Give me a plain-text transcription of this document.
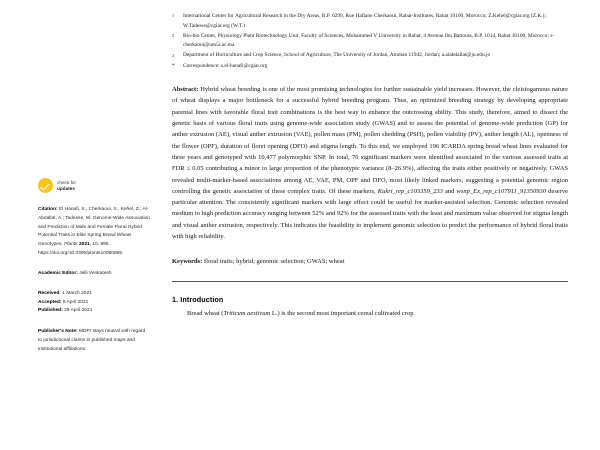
check for
updates
Citation: El Hanafi, S.; Cherkaoui, S.; Kehel, Z.; Al-Abdallat, A.; Tadesse, W. Genome-Wide Association and Prediction of Male and Female Floral Hybrid Potential Traits in Elite Spring Bread Wheat Genotypes. Plants 2021, 10, 895. https://doi.org/10.3390/plants10050895
Academic Editor: Jelli Venkatesh
Received: 1 March 2021
Accepted: 9 April 2021
Published: 29 April 2021
Publisher's Note: MDPI stays neutral with regard to jurisdictional claims in published maps and institutional affiliations.
1	International Center for Agricultural Research in the Dry Areas, B.P. 6299, Rue Hafiane Cherkaoui, Rabat-Institutes, Rabat 10100, Morocco; Z.Kehel@cgiar.org (Z.K.); W.Tadesse@cgiar.org (W.T.)
2	Bio-bio Center, Physiology Plant Biotechnology Unit, Faculty of Sciences, Mohammed V University in Rabat, 4 Avenue Ibn Battouta, B.P. 1014, Rabat 10100, Morocco; s-cherkaoui@um5r.ac.ma
3	Department of Horticulture and Crop Science, School of Agriculture, The University of Jordan, Amman 11942, Jordan; a.alabdallat@ju.edu.jo
*	Correspondence: s.el-hanafi@cgiar.org
Abstract: Hybrid wheat breeding is one of the most promising technologies for further sustainable yield increases. However, the cleistogamous nature of wheat displays a major bottleneck for a successful hybrid breeding program. Thus, an optimized breeding strategy by developing appropriate parental lines with favorable floral trait combinations is the best way to enhance the outcrossing ability. This study, therefore, aimed to dissect the genetic basis of various floral traits using genome-wide association study (GWAS) and to assess the potential of genome-wide prediction (GP) for anther extrusion (AE), visual anther extrusion (VAE), pollen mass (PM), pollen shedding (PSH), pollen viability (PV), anther length (AL), openness of the flower (OPF), duration of floret opening (DFO) and stigma length. To this end, we employed 196 ICARDA spring bread wheat lines evaluated for three years and genotyped with 10,477 polymorphic SNP. In total, 70 significant markers were identified associated to the various assessed traits at FDR ≤ 0.05 contributing a minor to large proportion of the phenotypic variance (8–26.9%), affecting the traits either positively or negatively. GWAS revealed multi-marker-based associations among AE, VAE, PM, OPF and DFO, most likely linked markers, suggesting a potential genomic region controlling the genetic association of these complex traits. Of these markers, Kukri_rep_c103359_233 and wsnp_Ex_rep_c107911_91350930 deserve particular attention. The consistently significant markers with large effect could be useful for marker-assisted selection. Genomic selection revealed medium to high prediction accuracy ranging between 52% and 92% for the assessed traits with the least and maximum value observed for stigma length and visual anther extrusion, respectively. This indicates the feasibility to implement genomic selection to predict the performance of hybrid floral traits with high reliability.
Keywords: floral traits; hybrid; genomic selection; GWAS; wheat
1. Introduction
Bread wheat (Triticum aestivum L.) is the second most important cereal cultivated crop
